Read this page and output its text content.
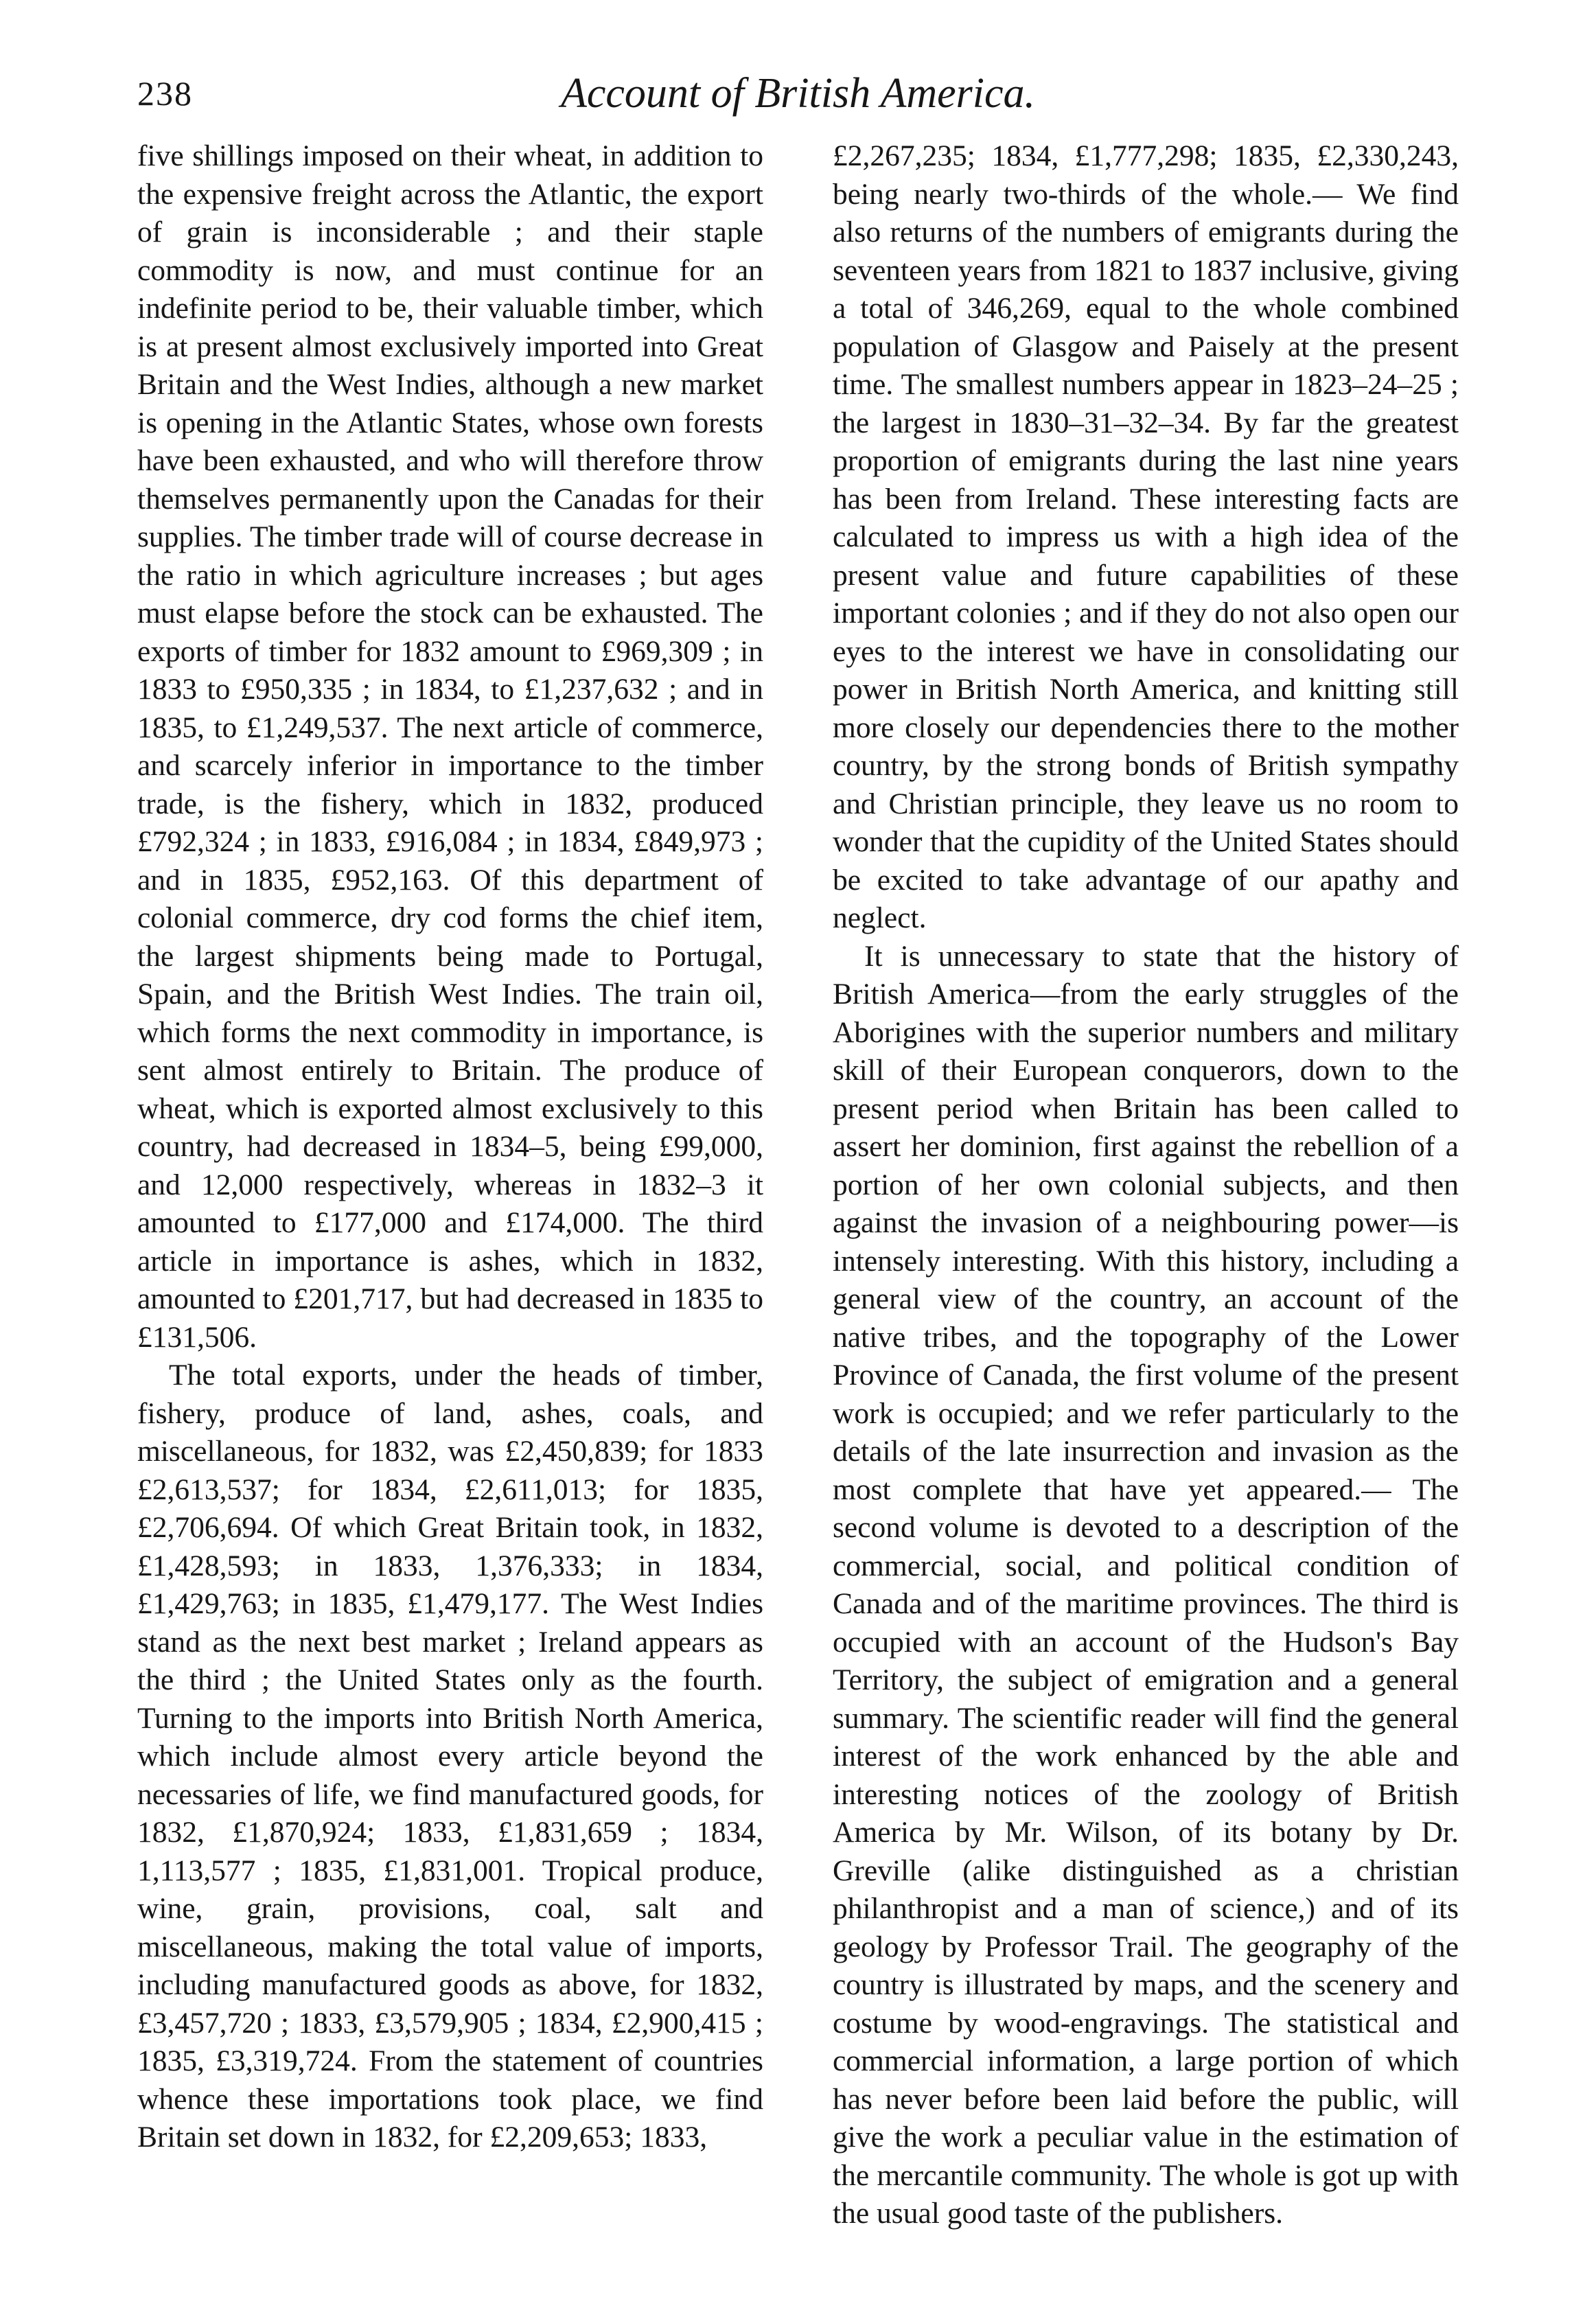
238	Account of British America.

five shillings imposed on their wheat, in addition to the expensive freight across the Atlantic, the export of grain is inconsiderable ; and their staple commodity is now, and must continue for an indefinite period to be, their valuable timber, which is at present almost exclusively imported into Great Britain and the West Indies, although a new market is opening in the Atlantic States, whose own forests have been exhausted, and who will therefore throw themselves permanently upon the Canadas for their supplies. The timber trade will of course decrease in the ratio in which agriculture increases ; but ages must elapse before the stock can be exhausted. The exports of timber for 1832 amount to £969,309 ; in 1833 to £950,335 ; in 1834, to £1,237,632 ; and in 1835, to £1,249,537. The next article of commerce, and scarcely inferior in importance to the timber trade, is the fishery, which in 1832, produced £792,324 ; in 1833, £916,084 ; in 1834, £849,973 ; and in 1835, £952,163. Of this department of colonial commerce, dry cod forms the chief item, the largest shipments being made to Portugal, Spain, and the British West Indies. The train oil, which forms the next commodity in importance, is sent almost entirely to Britain. The produce of wheat, which is exported almost exclusively to this country, had decreased in 1834–5, being £99,000, and 12,000 respectively, whereas in 1832–3 it amounted to £177,000 and £174,000. The third article in importance is ashes, which in 1832, amounted to £201,717, but had decreased in 1835 to £131,506.

The total exports, under the heads of timber, fishery, produce of land, ashes, coals, and miscellaneous, for 1832, was £2,450,839; for 1833 £2,613,537; for 1834, £2,611,013; for 1835, £2,706,694. Of which Great Britain took, in 1832, £1,428,593; in 1833, 1,376,333; in 1834, £1,429,763; in 1835, £1,479,177. The West Indies stand as the next best market ; Ireland appears as the third ; the United States only as the fourth. Turning to the imports into British North America, which include almost every article beyond the necessaries of life, we find manufactured goods, for 1832, £1,870,924; 1833, £1,831,659 ; 1834, 1,113,577 ; 1835, £1,831,001. Tropical produce, wine, grain, provisions, coal, salt and miscellaneous, making the total value of imports, including manufactured goods as above, for 1832, £3,457,720 ; 1833, £3,579,905 ; 1834, £2,900,415 ; 1835, £3,319,724. From the statement of countries whence these importations took place, we find Britain set down in 1832, for £2,209,653; 1833,

£2,267,235; 1834, £1,777,298; 1835, £2,330,243, being nearly two-thirds of the whole.— We find also returns of the numbers of emigrants during the seventeen years from 1821 to 1837 inclusive, giving a total of 346,269, equal to the whole combined population of Glasgow and Paisely at the present time. The smallest numbers appear in 1823–24–25 ; the largest in 1830–31–32–34. By far the greatest proportion of emigrants during the last nine years has been from Ireland. These interesting facts are calculated to impress us with a high idea of the present value and future capabilities of these important colonies ; and if they do not also open our eyes to the interest we have in consolidating our power in British North America, and knitting still more closely our dependencies there to the mother country, by the strong bonds of British sympathy and Christian principle, they leave us no room to wonder that the cupidity of the United States should be excited to take advantage of our apathy and neglect.

It is unnecessary to state that the history of British America—from the early struggles of the Aborigines with the superior numbers and military skill of their European conquerors, down to the present period when Britain has been called to assert her dominion, first against the rebellion of a portion of her own colonial subjects, and then against the invasion of a neighbouring power—is intensely interesting. With this history, including a general view of the country, an account of the native tribes, and the topography of the Lower Province of Canada, the first volume of the present work is occupied; and we refer particularly to the details of the late insurrection and invasion as the most complete that have yet appeared.— The second volume is devoted to a description of the commercial, social, and political condition of Canada and of the maritime provinces. The third is occupied with an account of the Hudson's Bay Territory, the subject of emigration and a general summary. The scientific reader will find the general interest of the work enhanced by the able and interesting notices of the zoology of British America by Mr. Wilson, of its botany by Dr. Greville (alike distinguished as a christian philanthropist and a man of science,) and of its geology by Professor Trail. The geography of the country is illustrated by maps, and the scenery and costume by wood-engravings. The statistical and commercial information, a large portion of which has never before been laid before the public, will give the work a peculiar value in the estimation of the mercantile community. The whole is got up with the usual good taste of the publishers.
